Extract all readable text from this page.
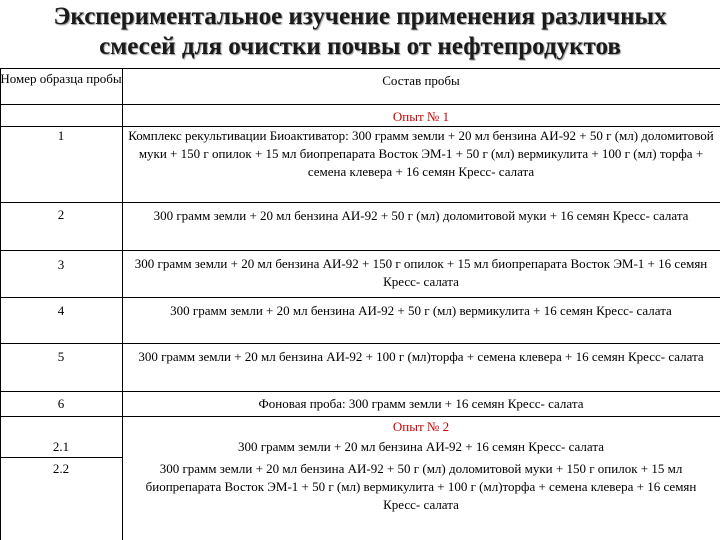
Экспериментальное изучение применения различных
смесей для очистки почвы от нефтепродуктов
Номер образца пробы	Состав пробы
Опыт № 1
1	Комплекс рекультивации Биоактиватор: 300 грамм земли + 20 мл бензина АИ-92 + 50 г (мл) доломитовой муки + 150 г опилок + 15 мл биопрепарата Восток ЭМ-1 + 50 г (мл) вермикулита + 100 г (мл) торфа + семена клевера + 16 семян Кресс- салата
2	300 грамм земли + 20 мл бензина АИ-92 + 50 г (мл) доломитовой муки + 16 семян Кресс- салата
3	300 грамм земли + 20 мл бензина АИ-92 + 150 г опилок + 15 мл биопрепарата Восток ЭМ-1 + 16 семян Кресс- салата
4	300 грамм земли + 20 мл бензина АИ-92 + 50 г (мл) вермикулита + 16 семян Кресс- салата
5	300 грамм земли + 20 мл бензина АИ-92 + 100 г (мл)торфа + семена клевера + 16 семян Кресс- салата
6	Фоновая проба: 300 грамм земли + 16 семян Кресс- салата
Опыт № 2
2.1	300 грамм земли + 20 мл бензина АИ-92 + 16 семян Кресс- салата
2.2	300 грамм земли + 20 мл бензина АИ-92 + 50 г (мл) доломитовой муки + 150 г опилок + 15 мл биопрепарата Восток ЭМ-1 + 50 г (мл) вермикулита + 100 г (мл)торфа + семена клевера + 16 семян Кресс- салата
